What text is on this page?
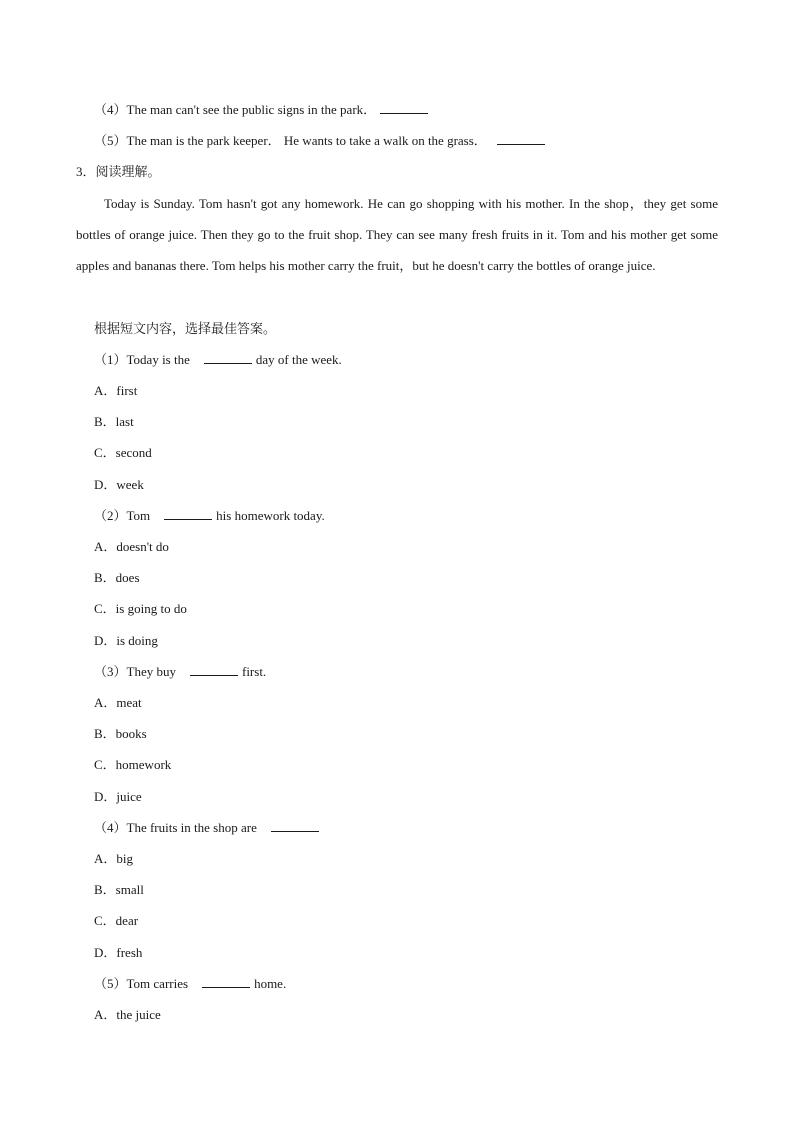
（4）The man can't see the public signs in the park．
（5）The man is the park keeper． He wants to take a walk on the grass．
3．阅读理解。
Today is Sunday. Tom hasn't got any homework. He can go shopping with his mother. In the shop，they get some bottles of orange juice. Then they go to the fruit shop. They can see many fresh fruits in it. Tom and his mother get some apples and bananas there. Tom helps his mother carry the fruit，but he doesn't carry the bottles of orange juice.
根据短文内容，选择最佳答案。
（1）Today is the	day of the week.
A．first
B．last
C．second
D．week
（2）Tom	his homework today.
A．doesn't do
B．does
C．is going to do
D．is doing
（3）They buy	first.
A．meat
B．books
C．homework
D．juice
（4）The fruits in the shop are
A．big
B．small
C．dear
D．fresh
（5）Tom carries	home.
A．the juice
